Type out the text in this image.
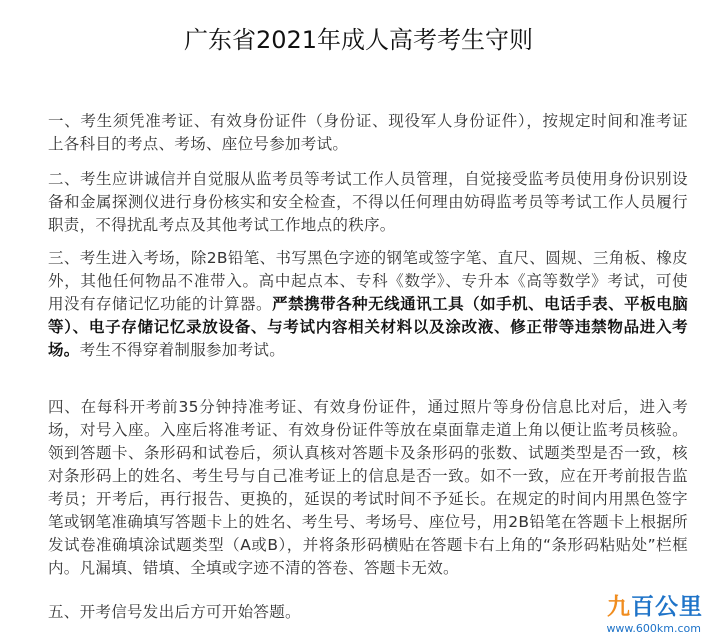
广东省2021年成人高考考生守则

一、考生须凭准考证、有效身份证件（身份证、现役军人身份证件），按规定时间和准考证上各科目的考点、考场、座位号参加考试。

二、考生应讲诚信并自觉服从监考员等考试工作人员管理，自觉接受监考员使用身份识别设备和金属探测仪进行身份核实和安全检查，不得以任何理由妨碍监考员等考试工作人员履行职责，不得扰乱考点及其他考试工作地点的秩序。

三、考生进入考场，除2B铅笔、书写黑色字迹的钢笔或签字笔、直尺、圆规、三角板、橡皮外，其他任何物品不准带入。高中起点本、专科《数学》、专升本《高等数学》考试，可使用没有存储记忆功能的计算器。严禁携带各种无线通讯工具（如手机、电话手表、平板电脑等）、电子存储记忆录放设备、与考试内容相关材料以及涂改液、修正带等违禁物品进入考场。考生不得穿着制服参加考试。

四、在每科开考前35分钟持准考证、有效身份证件，通过照片等身份信息比对后，进入考场，对号入座。入座后将准考证、有效身份证件等放在桌面靠走道上角以便让监考员核验。领到答题卡、条形码和试卷后，须认真核对答题卡及条形码的张数、试题类型是否一致，核对条形码上的姓名、考生号与自己准考证上的信息是否一致。如不一致，应在开考前报告监考员；开考后，再行报告、更换的，延误的考试时间不予延长。在规定的时间内用黑色签字笔或钢笔准确填写答题卡上的姓名、考生号、考场号、座位号，用2B铅笔在答题卡上根据所发试卷准确填涂试题类型（A或B），并将条形码横贴在答题卡右上角的“条形码粘贴处”栏框内。凡漏填、错填、全填或字迹不清的答卷、答题卡无效。

五、开考信号发出后方可开始答题。	九百公里
www.600km.com
